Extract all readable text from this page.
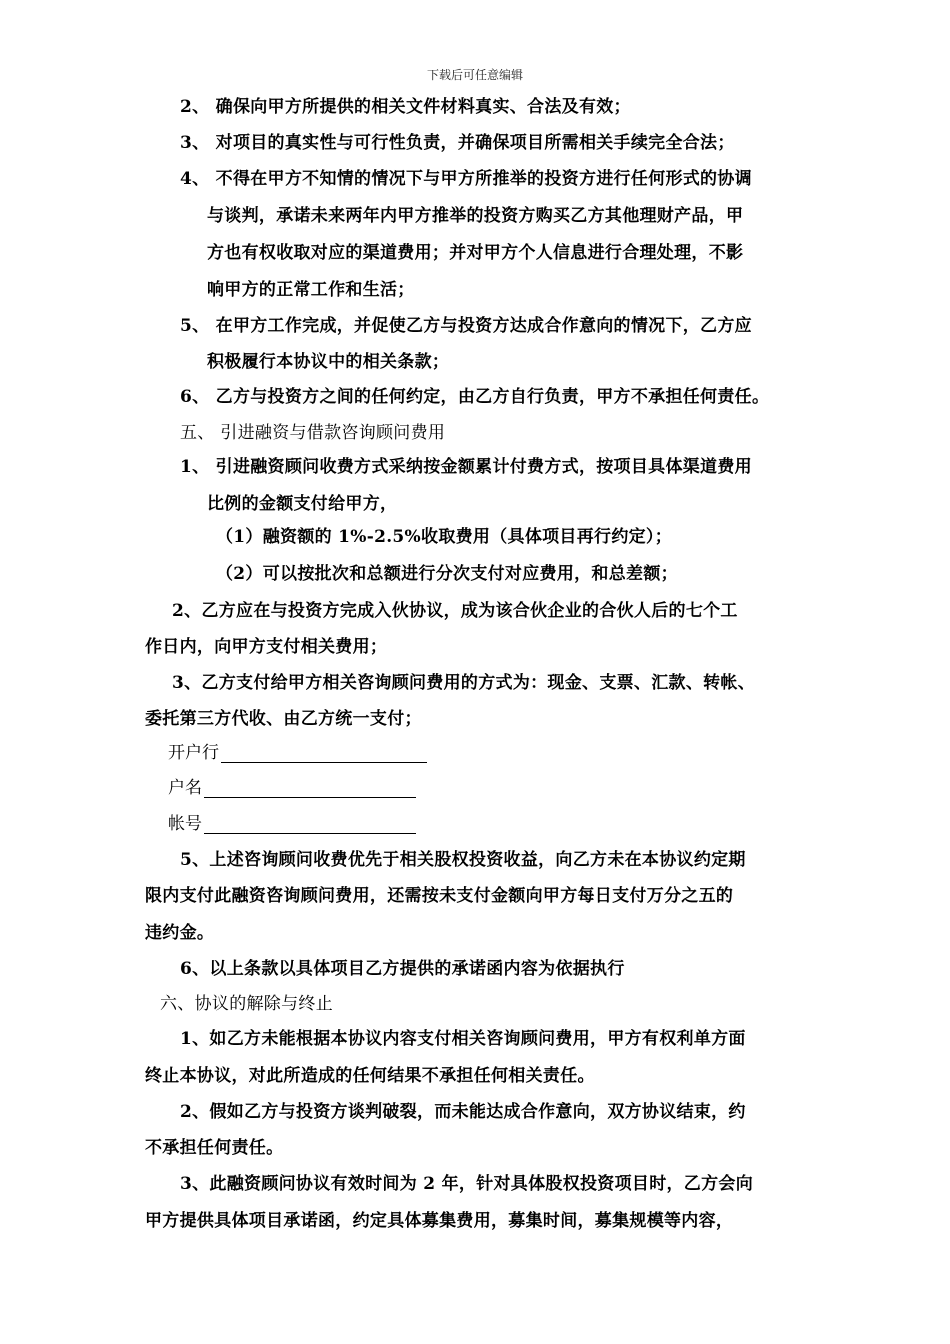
下载后可任意编辑
2、 确保向甲方所提供的相关文件材料真实、合法及有效；
3、 对项目的真实性与可行性负责，并确保项目所需相关手续完全合法；
4、 不得在甲方不知情的情况下与甲方所推举的投资方进行任何形式的协调
与谈判，承诺未来两年内甲方推举的投资方购买乙方其他理财产品，甲
方也有权收取对应的渠道费用；并对甲方个人信息进行合理处理，不影
响甲方的正常工作和生活；
5、 在甲方工作完成，并促使乙方与投资方达成合作意向的情况下，乙方应
积极履行本协议中的相关条款；
6、 乙方与投资方之间的任何约定，由乙方自行负责，甲方不承担任何责任。
五、 引进融资与借款咨询顾问费用
1、 引进融资顾问收费方式采纳按金额累计付费方式，按项目具体渠道费用
比例的金额支付给甲方，
（1）融资额的 1%-2.5%收取费用（具体项目再行约定）；
（2）可以按批次和总额进行分次支付对应费用，和总差额；
2、乙方应在与投资方完成入伙协议，成为该合伙企业的合伙人后的七个工
作日内，向甲方支付相关费用；
3、乙方支付给甲方相关咨询顾问费用的方式为：现金、支票、汇款、转帐、
委托第三方代收、由乙方统一支付；
开户行
户名
帐号
5、上述咨询顾问收费优先于相关股权投资收益，向乙方未在本协议约定期
限内支付此融资咨询顾问费用，还需按未支付金额向甲方每日支付万分之五的
违约金。
6、以上条款以具体项目乙方提供的承诺函内容为依据执行
六、协议的解除与终止
1、如乙方未能根据本协议内容支付相关咨询顾问费用，甲方有权利单方面
终止本协议，对此所造成的任何结果不承担任何相关责任。
2、假如乙方与投资方谈判破裂，而未能达成合作意向，双方协议结束，约
不承担任何责任。
3、此融资顾问协议有效时间为 2 年，针对具体股权投资项目时，乙方会向
甲方提供具体项目承诺函，约定具体募集费用，募集时间，募集规模等内容，
